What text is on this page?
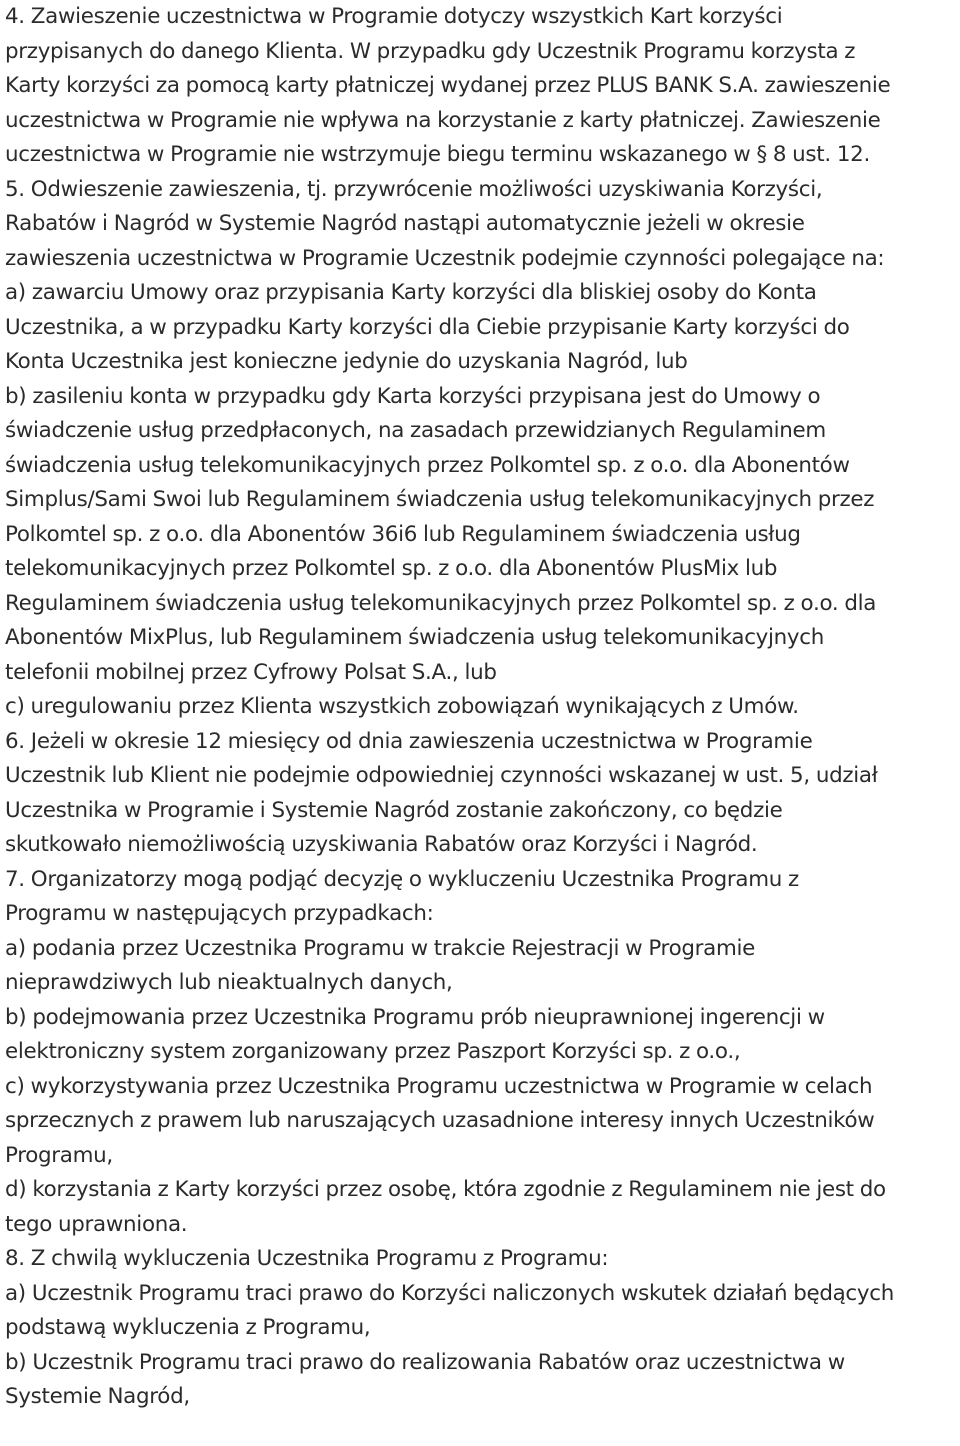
4. Zawieszenie uczestnictwa w Programie dotyczy wszystkich Kart korzyści
przypisanych do danego Klienta. W przypadku gdy Uczestnik Programu korzysta z
Karty korzyści za pomocą karty płatniczej wydanej przez PLUS BANK S.A. zawieszenie
uczestnictwa w Programie nie wpływa na korzystanie z karty płatniczej. Zawieszenie
uczestnictwa w Programie nie wstrzymuje biegu terminu wskazanego w § 8 ust. 12.
5. Odwieszenie zawieszenia, tj. przywrócenie możliwości uzyskiwania Korzyści,
Rabatów i Nagród w Systemie Nagród nastąpi automatycznie jeżeli w okresie
zawieszenia uczestnictwa w Programie Uczestnik podejmie czynności polegające na:
a) zawarciu Umowy oraz przypisania Karty korzyści dla bliskiej osoby do Konta
Uczestnika, a w przypadku Karty korzyści dla Ciebie przypisanie Karty korzyści do
Konta Uczestnika jest konieczne jedynie do uzyskania Nagród, lub
b) zasileniu konta w przypadku gdy Karta korzyści przypisana jest do Umowy o
świadczenie usług przedpłaconych, na zasadach przewidzianych Regulaminem
świadczenia usług telekomunikacyjnych przez Polkomtel sp. z o.o. dla Abonentów
Simplus/Sami Swoi lub Regulaminem świadczenia usług telekomunikacyjnych przez
Polkomtel sp. z o.o. dla Abonentów 36i6 lub Regulaminem świadczenia usług
telekomunikacyjnych przez Polkomtel sp. z o.o. dla Abonentów PlusMix lub
Regulaminem świadczenia usług telekomunikacyjnych przez Polkomtel sp. z o.o. dla
Abonentów MixPlus, lub Regulaminem świadczenia usług telekomunikacyjnych
telefonii mobilnej przez Cyfrowy Polsat S.A., lub
c) uregulowaniu przez Klienta wszystkich zobowiązań wynikających z Umów.
6. Jeżeli w okresie 12 miesięcy od dnia zawieszenia uczestnictwa w Programie
Uczestnik lub Klient nie podejmie odpowiedniej czynności wskazanej w ust. 5, udział
Uczestnika w Programie i Systemie Nagród zostanie zakończony, co będzie
skutkowało niemożliwością uzyskiwania Rabatów oraz Korzyści i Nagród.
7. Organizatorzy mogą podjąć decyzję o wykluczeniu Uczestnika Programu z
Programu w następujących przypadkach:
a) podania przez Uczestnika Programu w trakcie Rejestracji w Programie
nieprawdziwych lub nieaktualnych danych,
b) podejmowania przez Uczestnika Programu prób nieuprawnionej ingerencji w
elektroniczny system zorganizowany przez Paszport Korzyści sp. z o.o.,
c) wykorzystywania przez Uczestnika Programu uczestnictwa w Programie w celach
sprzecznych z prawem lub naruszających uzasadnione interesy innych Uczestników
Programu,
d) korzystania z Karty korzyści przez osobę, która zgodnie z Regulaminem nie jest do
tego uprawniona.
8. Z chwilą wykluczenia Uczestnika Programu z Programu:
a) Uczestnik Programu traci prawo do Korzyści naliczonych wskutek działań będących
podstawą wykluczenia z Programu,
b) Uczestnik Programu traci prawo do realizowania Rabatów oraz uczestnictwa w
Systemie Nagród,
